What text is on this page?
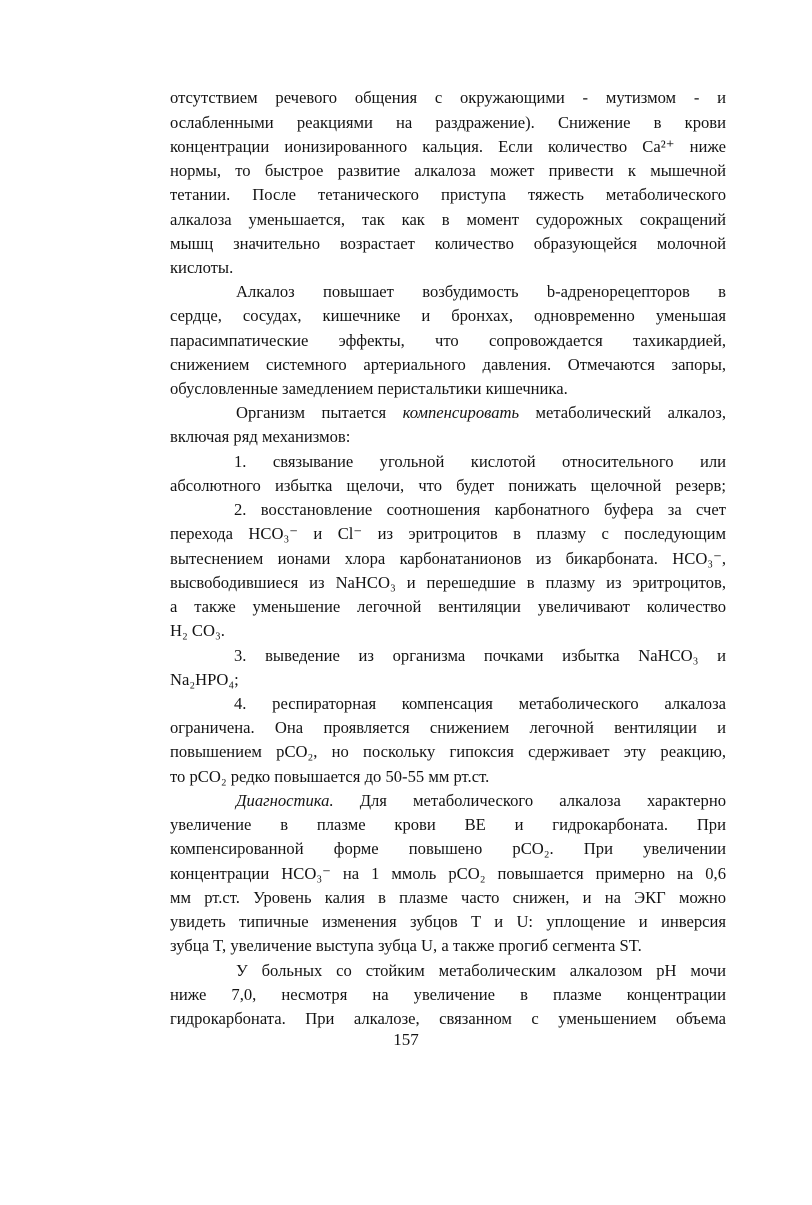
отсутствием речевого общения с окружающими - мутизмом - и
ослабленными реакциями на раздражение). Снижение в крови
концентрации ионизированного кальция. Если количество Ca²⁺ ниже
нормы, то быстрое развитие алкалоза может привести к мышечной
тетании. После тетанического приступа тяжесть метаболического
алкалоза уменьшается, так как в момент судорожных сокращений
мышц значительно возрастает количество образующейся молочной
кислоты.
Алкалоз повышает возбудимость b-адренорецепторов в
сердце, сосудах, кишечнике и бронхах, одновременно уменьшая
парасимпатические эффекты, что сопровождается тахикардией,
снижением системного артериального давления. Отмечаются запоры,
обусловленные замедлением перистальтики кишечника.
Организм пытается компенсировать метаболический алкалоз,
включая ряд механизмов:
1. связывание угольной кислотой относительного или
абсолютного избытка щелочи, что будет понижать щелочной резерв;
2. восстановление соотношения карбонатного буфера за счет
перехода HCO₃⁻ и Cl⁻ из эритроцитов в плазму с последующим
вытеснением ионами хлора карбонатанионов из бикарбоната. HCO₃⁻,
высвободившиеся из NaHCO₃ и перешедшие в плазму из эритроцитов,
а также уменьшение легочной вентиляции увеличивают количество
H₂ CO₃.
3. выведение из организма почками избытка NaHCO₃ и
Na₂HPO₄;
4. респираторная компенсация метаболического алкалоза
ограничена. Она проявляется снижением легочной вентиляции и
повышением pCO₂, но поскольку гипоксия сдерживает эту реакцию,
то pCO₂ редко повышается до 50-55 мм рт.ст.
Диагностика. Для метаболического алкалоза характерно
увеличение в плазме крови BE и гидрокарбоната. При
компенсированной форме повышено pCO₂. При увеличении
концентрации HCO₃⁻ на 1 ммоль pCO₂ повышается примерно на 0,6
мм рт.ст. Уровень калия в плазме часто снижен, и на ЭКГ можно
увидеть типичные изменения зубцов T и U: уплощение и инверсия
зубца T, увеличение выступа зубца U, а также прогиб сегмента ST.
У больных со стойким метаболическим алкалозом pH мочи
ниже 7,0, несмотря на увеличение в плазме концентрации
гидрокарбоната. При алкалозе, связанном с уменьшением объема
157
